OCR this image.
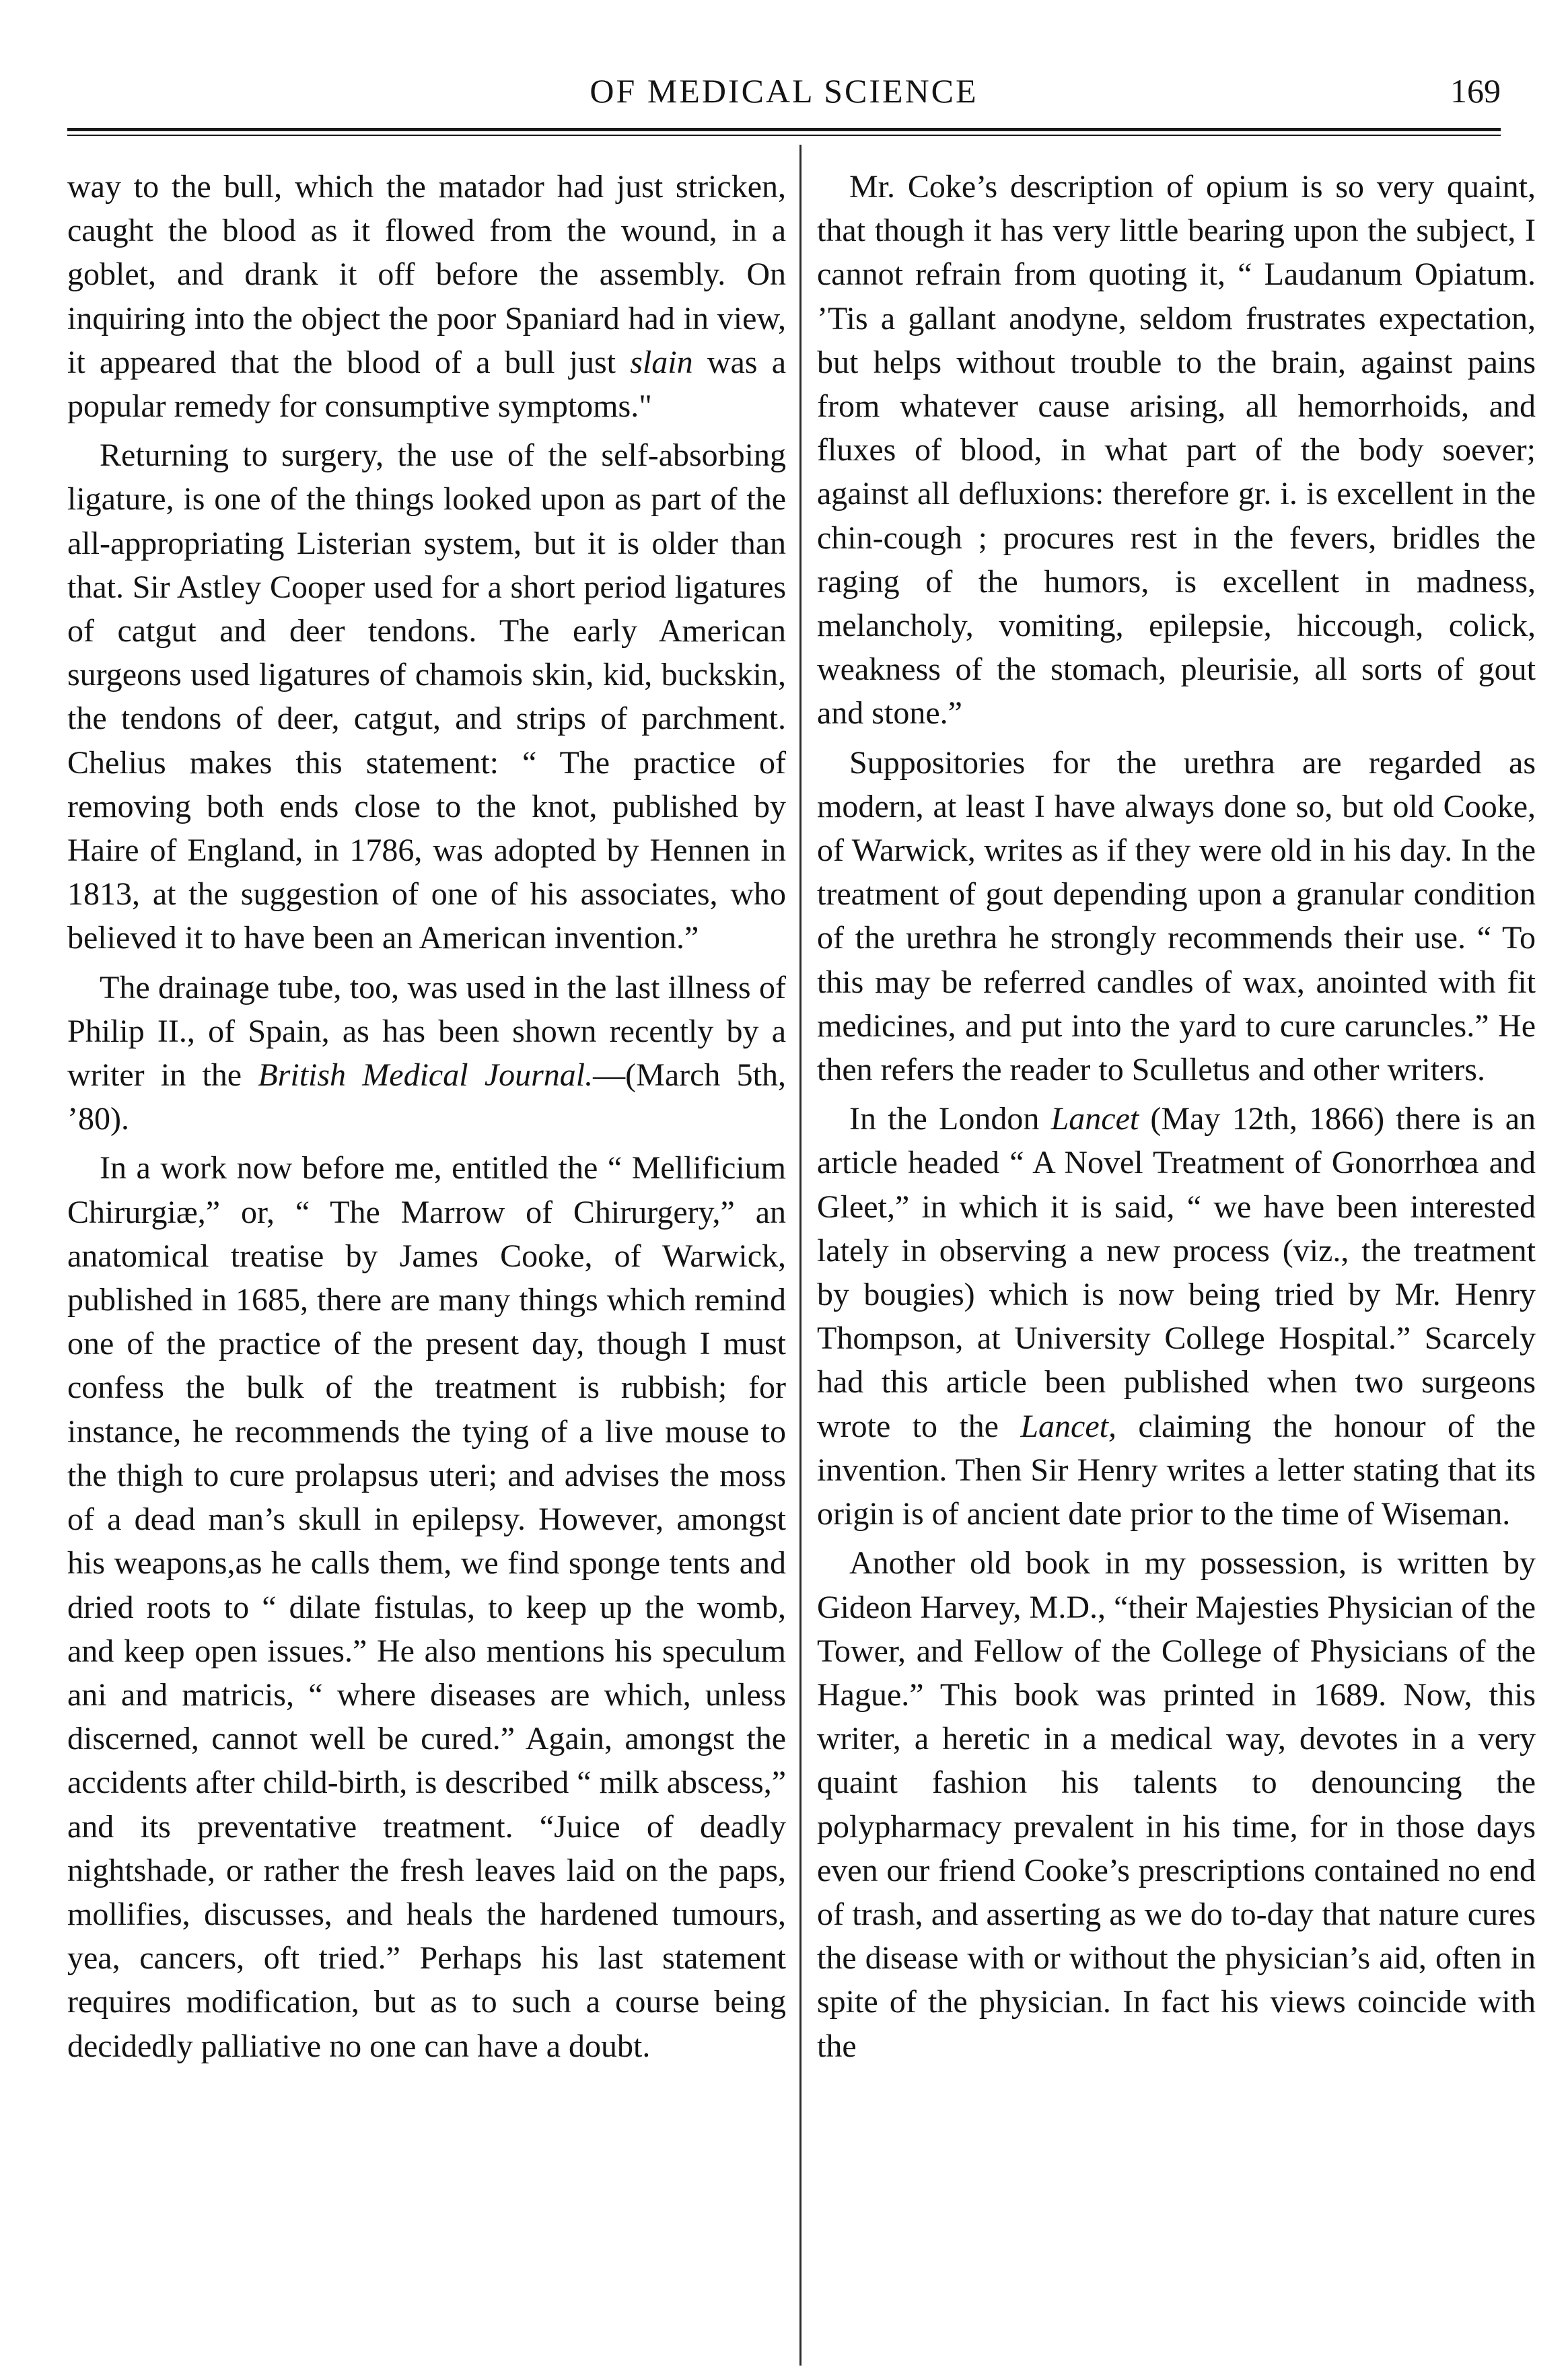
OF MEDICAL SCIENCE	169

way to the bull, which the matador had just stricken, caught the blood as it flowed from the wound, in a goblet, and drank it off before the assembly. On inquiring into the object the poor Spaniard had in view, it appeared that the blood of a bull just slain was a popular remedy for consumptive symptoms."

Returning to surgery, the use of the self-absorbing ligature, is one of the things looked upon as part of the all-appropriating Listerian system, but it is older than that. Sir Astley Cooper used for a short period ligatures of catgut and deer tendons. The early American surgeons used ligatures of chamois skin, kid, buckskin, the tendons of deer, catgut, and strips of parchment. Chelius makes this statement: “ The practice of removing both ends close to the knot, published by Haire of England, in 1786, was adopted by Hennen in 1813, at the suggestion of one of his associates, who believed it to have been an American invention.”

The drainage tube, too, was used in the last illness of Philip II., of Spain, as has been shown recently by a writer in the British Medical Journal.—(March 5th, ’80).

In a work now before me, entitled the “ Mellificium Chirurgiæ,” or, “ The Marrow of Chirurgery,” an anatomical treatise by James Cooke, of Warwick, published in 1685, there are many things which remind one of the practice of the present day, though I must confess the bulk of the treatment is rubbish; for instance, he recommends the tying of a live mouse to the thigh to cure prolapsus uteri; and advises the moss of a dead man’s skull in epilepsy. However, amongst his weapons,as he calls them, we find sponge tents and dried roots to “ dilate fistulas, to keep up the womb, and keep open issues.” He also mentions his speculum ani and matricis, “ where diseases are which, unless discerned, cannot well be cured.” Again, amongst the accidents after child-birth, is described “ milk abscess,” and its preventative treatment. “Juice of deadly nightshade, or rather the fresh leaves laid on the paps, mollifies, discusses, and heals the hardened tumours, yea, cancers, oft tried.” Perhaps his last statement requires modification, but as to such a course being decidedly palliative no one can have a doubt.

Mr. Coke’s description of opium is so very quaint, that though it has very little bearing upon the subject, I cannot refrain from quoting it, “ Laudanum Opiatum. ’Tis a gallant anodyne, seldom frustrates expectation, but helps without trouble to the brain, against pains from whatever cause arising, all hemorrhoids, and fluxes of blood, in what part of the body soever; against all defluxions: therefore gr. i. is excellent in the chin-cough ; procures rest in the fevers, bridles the raging of the humors, is excellent in madness, melancholy, vomiting, epilepsie, hiccough, colick, weakness of the stomach, pleurisie, all sorts of gout and stone.”

Suppositories for the urethra are regarded as modern, at least I have always done so, but old Cooke, of Warwick, writes as if they were old in his day. In the treatment of gout depending upon a granular condition of the urethra he strongly recommends their use. “ To this may be referred candles of wax, anointed with fit medicines, and put into the yard to cure caruncles.” He then refers the reader to Sculletus and other writers.

In the London Lancet (May 12th, 1866) there is an article headed “ A Novel Treatment of Gonorrhœa and Gleet,” in which it is said, “ we have been interested lately in observing a new process (viz., the treatment by bougies) which is now being tried by Mr. Henry Thompson, at University College Hospital.” Scarcely had this article been published when two surgeons wrote to the Lancet, claiming the honour of the invention. Then Sir Henry writes a letter stating that its origin is of ancient date prior to the time of Wiseman.

Another old book in my possession, is written by Gideon Harvey, M.D., “their Majesties Physician of the Tower, and Fellow of the College of Physicians of the Hague.” This book was printed in 1689. Now, this writer, a heretic in a medical way, devotes in a very quaint fashion his talents to denouncing the polypharmacy prevalent in his time, for in those days even our friend Cooke’s prescriptions contained no end of trash, and asserting as we do to-day that nature cures the disease with or without the physician’s aid, often in spite of the physician. In fact his views coincide with the
